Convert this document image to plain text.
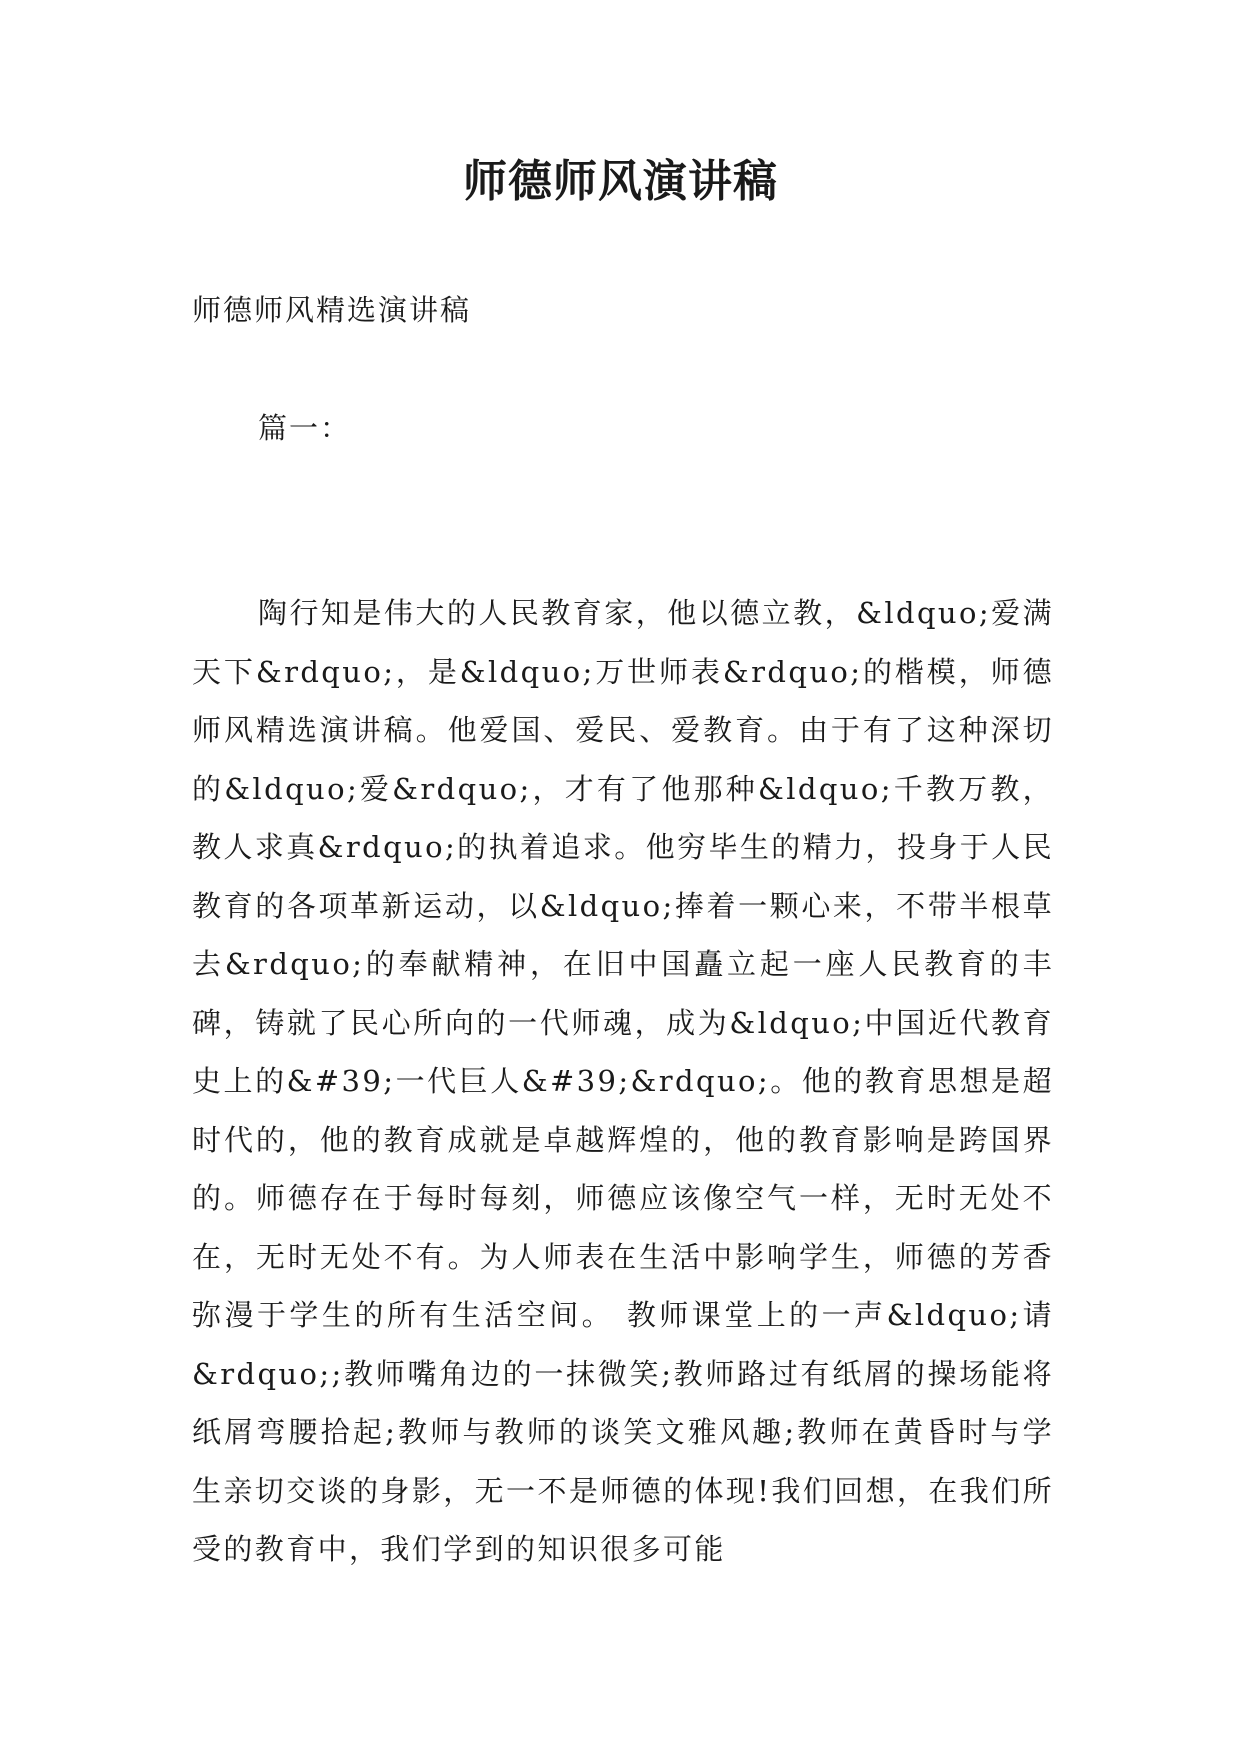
师德师风演讲稿
师德师风精选演讲稿
篇一：

陶行知是伟大的人民教育家，他以德立教，&ldquo;爱满天下&rdquo;，是&ldquo;万世师表&rdquo;的楷模，师德师风精选演讲稿。他爱国、爱民、爱教育。由于有了这种深切的&ldquo;爱&rdquo;，才有了他那种&ldquo;千教万教，教人求真&rdquo;的执着追求。他穷毕生的精力，投身于人民教育的各项革新运动，以&ldquo;捧着一颗心来，不带半根草去&rdquo;的奉献精神，在旧中国矗立起一座人民教育的丰碑，铸就了民心所向的一代师魂，成为&ldquo;中国近代教育史上的&#39;一代巨人&#39;&rdquo;。他的教育思想是超时代的，他的教育成就是卓越辉煌的，他的教育影响是跨国界的。师德存在于每时每刻，师德应该像空气一样，无时无处不在，无时无处不有。为人师表在生活中影响学生，师德的芳香弥漫于学生的所有生活空间。 教师课堂上的一声&ldquo;请&rdquo;;教师嘴角边的一抹微笑;教师路过有纸屑的操场能将纸屑弯腰拾起;教师与教师的谈笑文雅风趣;教师在黄昏时与学生亲切交谈的身影，无一不是师德的体现!我们回想，在我们所受的教育中，我们学到的知识很多可能
